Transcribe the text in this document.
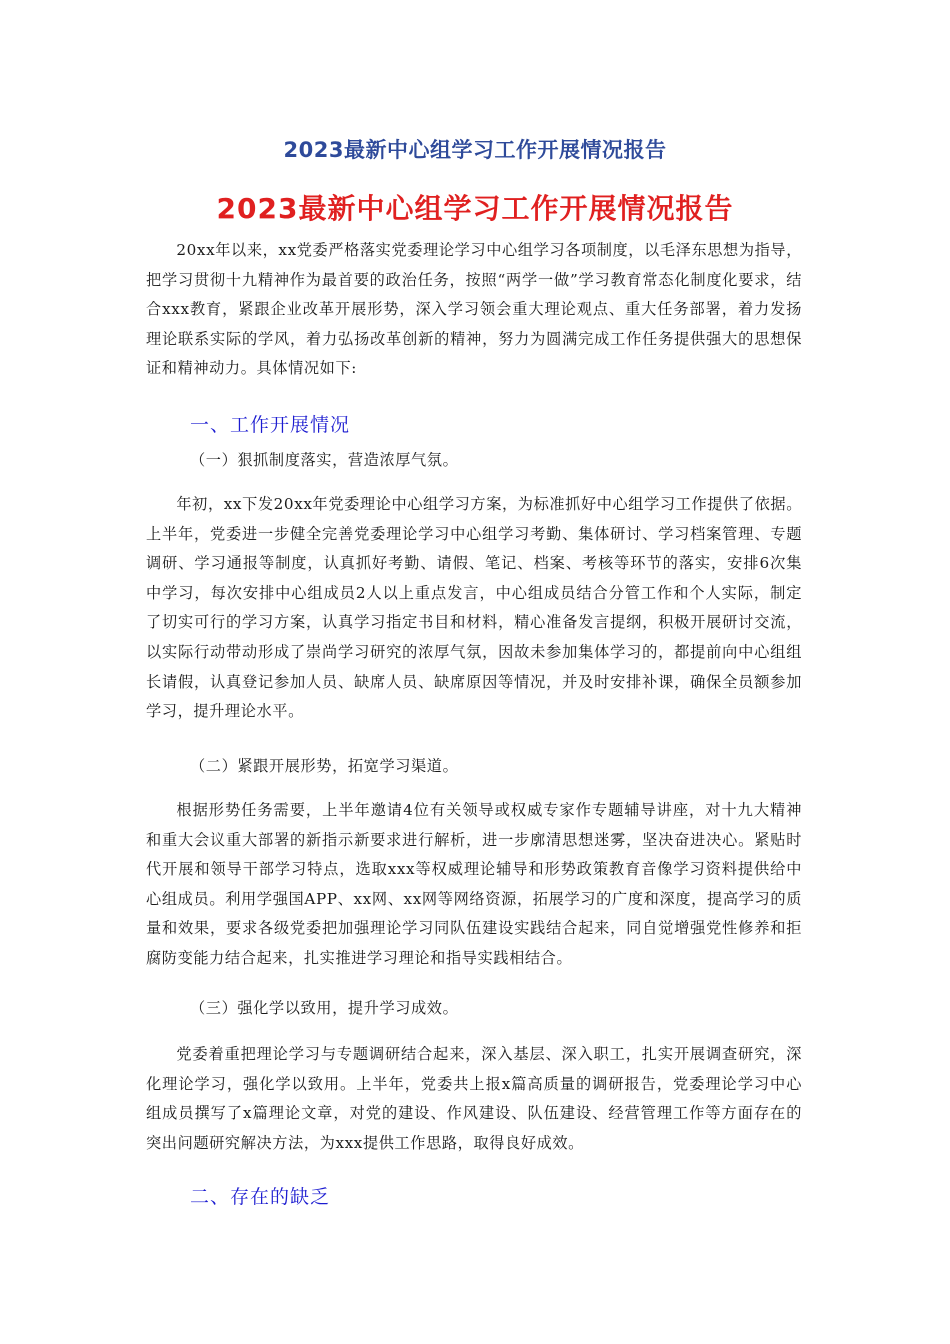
2023最新中心组学习工作开展情况报告
2023最新中心组学习工作开展情况报告

20xx年以来，xx党委严格落实党委理论学习中心组学习各项制度，以毛泽东思想为指导，把学习贯彻十九精神作为最首要的政治任务，按照“两学一做”学习教育常态化制度化要求，结合xxx教育，紧跟企业改革开展形势，深入学习领会重大理论观点、重大任务部署，着力发扬理论联系实际的学风，着力弘扬改革创新的精神，努力为圆满完成工作任务提供强大的思想保证和精神动力。具体情况如下:

一、工作开展情况
（一）狠抓制度落实，营造浓厚气氛。

年初，xx下发20xx年党委理论中心组学习方案，为标准抓好中心组学习工作提供了依据。上半年，党委进一步健全完善党委理论学习中心组学习考勤、集体研讨、学习档案管理、专题调研、学习通报等制度，认真抓好考勤、请假、笔记、档案、考核等环节的落实，安排6次集中学习，每次安排中心组成员2人以上重点发言，中心组成员结合分管工作和个人实际，制定了切实可行的学习方案，认真学习指定书目和材料，精心准备发言提纲，积极开展研讨交流，以实际行动带动形成了崇尚学习研究的浓厚气氛，因故未参加集体学习的，都提前向中心组组长请假，认真登记参加人员、缺席人员、缺席原因等情况，并及时安排补课，确保全员额参加学习，提升理论水平。

（二）紧跟开展形势，拓宽学习渠道。

根据形势任务需要，上半年邀请4位有关领导或权威专家作专题辅导讲座，对十九大精神和重大会议重大部署的新指示新要求进行解析，进一步廓清思想迷雾，坚决奋进决心。紧贴时代开展和领导干部学习特点，选取xxx等权威理论辅导和形势政策教育音像学习资料提供给中心组成员。利用学强国APP、xx网、xx网等网络资源，拓展学习的广度和深度，提高学习的质量和效果，要求各级党委把加强理论学习同队伍建设实践结合起来，同自觉增强党性修养和拒腐防变能力结合起来，扎实推进学习理论和指导实践相结合。

（三）强化学以致用，提升学习成效。

党委着重把理论学习与专题调研结合起来，深入基层、深入职工，扎实开展调查研究，深化理论学习，强化学以致用。上半年，党委共上报x篇高质量的调研报告，党委理论学习中心组成员撰写了x篇理论文章，对党的建设、作风建设、队伍建设、经营管理工作等方面存在的突出问题研究解决方法，为xxx提供工作思路，取得良好成效。

二、存在的缺乏
